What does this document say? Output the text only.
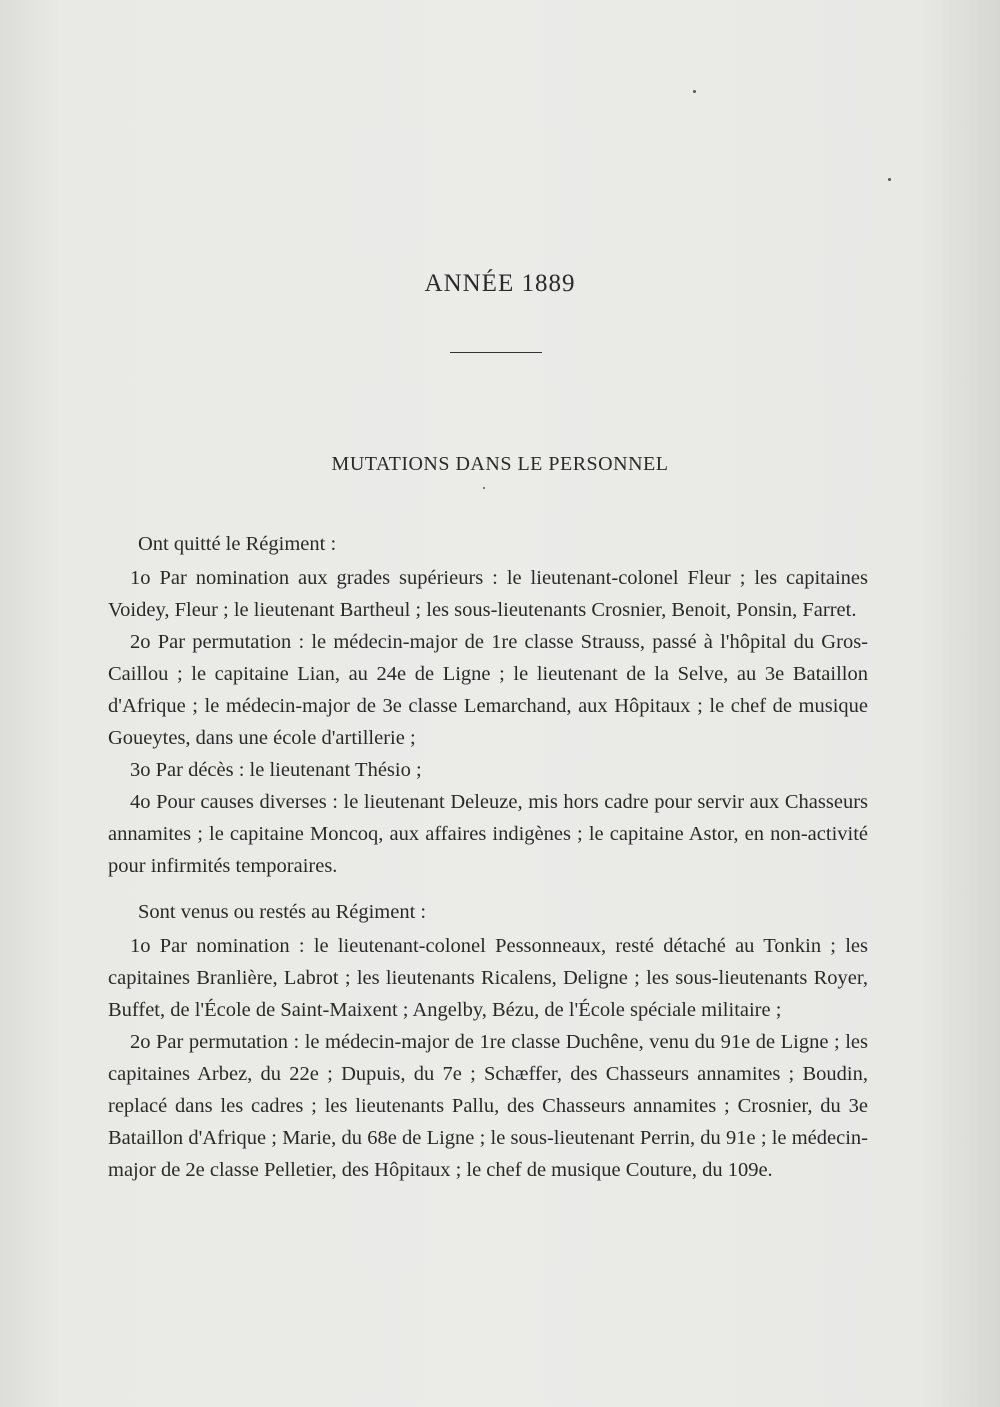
ANNÉE 1889
MUTATIONS DANS LE PERSONNEL

Ont quitté le Régiment :

1o Par nomination aux grades supérieurs : le lieutenant-colonel Fleur ; les capitaines Voidey, Fleur ; le lieutenant Bartheul ; les sous-lieutenants Crosnier, Benoit, Ponsin, Farret.

2o Par permutation : le médecin-major de 1re classe Strauss, passé à l'hôpital du Gros-Caillou ; le capitaine Lian, au 24e de Ligne ; le lieutenant de la Selve, au 3e Bataillon d'Afrique ; le médecin-major de 3e classe Lemarchand, aux Hôpitaux ; le chef de musique Goueytes, dans une école d'artillerie ;

3o Par décès : le lieutenant Thésio ;

4o Pour causes diverses : le lieutenant Deleuze, mis hors cadre pour servir aux Chasseurs annamites ; le capitaine Moncoq, aux affaires indigènes ; le capitaine Astor, en non-activité pour infirmités temporaires.

Sont venus ou restés au Régiment :

1o Par nomination : le lieutenant-colonel Pessonneaux, resté détaché au Tonkin ; les capitaines Branlière, Labrot ; les lieutenants Ricalens, Deligne ; les sous-lieutenants Royer, Buffet, de l'École de Saint-Maixent ; Angelby, Bézu, de l'École spéciale militaire ;

2o Par permutation : le médecin-major de 1re classe Duchêne, venu du 91e de Ligne ; les capitaines Arbez, du 22e ; Dupuis, du 7e ; Schæffer, des Chasseurs annamites ; Boudin, replacé dans les cadres ; les lieutenants Pallu, des Chasseurs annamites ; Crosnier, du 3e Bataillon d'Afrique ; Marie, du 68e de Ligne ; le sous-lieutenant Perrin, du 91e ; le médecin-major de 2e classe Pelletier, des Hôpitaux ; le chef de musique Couture, du 109e.
